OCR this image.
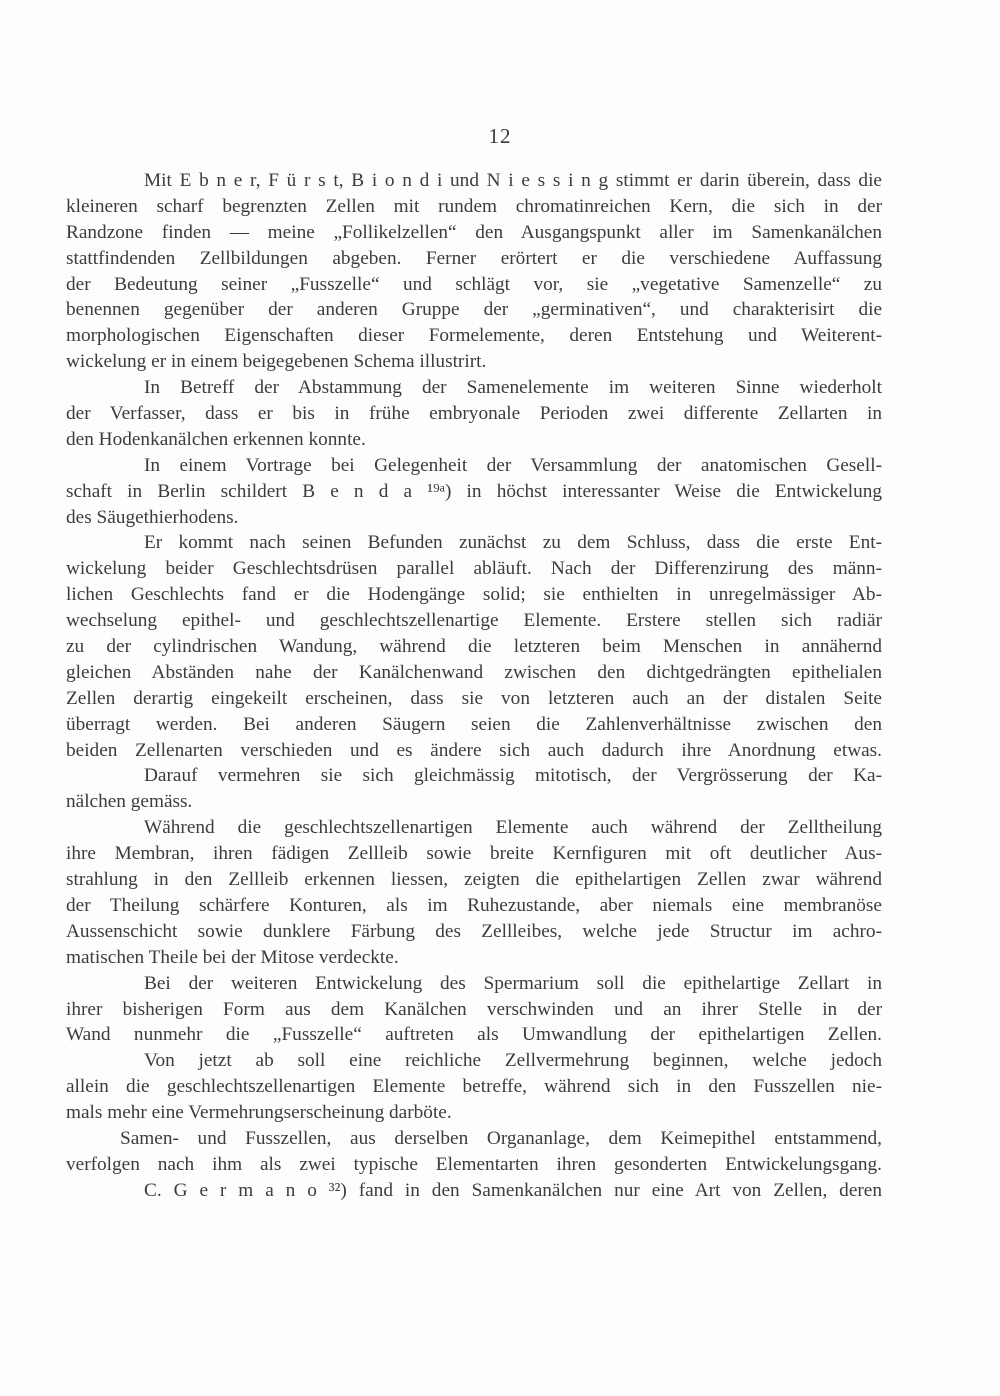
12
Mit E b n e r, F ü r s t, B i o n d i und N i e s s i n g stimmt er darin überein, dass die
kleineren scharf begrenzten Zellen mit rundem chromatinreichen Kern, die sich in der
Randzone finden — meine „Follikelzellen“ den Ausgangspunkt aller im Samenkanälchen
stattfindenden Zellbildungen abgeben. Ferner erörtert er die verschiedene Auffassung
der Bedeutung seiner „Fusszelle“ und schlägt vor, sie „vegetative Samenzelle“ zu
benennen gegenüber der anderen Gruppe der „germinativen“, und charakterisirt die
morphologischen Eigenschaften dieser Formelemente, deren Entstehung und Weiterent-
wickelung er in einem beigegebenen Schema illustrirt.
In Betreff der Abstammung der Samenelemente im weiteren Sinne wiederholt
der Verfasser, dass er bis in frühe embryonale Perioden zwei differente Zellarten in
den Hodenkanälchen erkennen konnte.
In einem Vortrage bei Gelegenheit der Versammlung der anatomischen Gesell-
schaft in Berlin schildert B e n d a ¹⁹ᵃ) in höchst interessanter Weise die Entwickelung
des Säugethierhodens.
Er kommt nach seinen Befunden zunächst zu dem Schluss, dass die erste Ent-
wickelung beider Geschlechtsdrüsen parallel abläuft. Nach der Differenzirung des männ-
lichen Geschlechts fand er die Hodengänge solid; sie enthielten in unregelmässiger Ab-
wechselung epithel- und geschlechtszellenartige Elemente. Erstere stellen sich radiär
zu der cylindrischen Wandung, während die letzteren beim Menschen in annähernd
gleichen Abständen nahe der Kanälchenwand zwischen den dichtgedrängten epithelialen
Zellen derartig eingekeilt erscheinen, dass sie von letzteren auch an der distalen Seite
überragt werden. Bei anderen Säugern seien die Zahlenverhältnisse zwischen den
beiden Zellenarten verschieden und es ändere sich auch dadurch ihre Anordnung etwas.
Darauf vermehren sie sich gleichmässig mitotisch, der Vergrösserung der Ka-
nälchen gemäss.
Während die geschlechtszellenartigen Elemente auch während der Zelltheilung
ihre Membran, ihren fädigen Zellleib sowie breite Kernfiguren mit oft deutlicher Aus-
strahlung in den Zellleib erkennen liessen, zeigten die epithelartigen Zellen zwar während
der Theilung schärfere Konturen, als im Ruhezustande, aber niemals eine membranöse
Aussenschicht sowie dunklere Färbung des Zellleibes, welche jede Structur im achro-
matischen Theile bei der Mitose verdeckte.
Bei der weiteren Entwickelung des Spermarium soll die epithelartige Zellart in
ihrer bisherigen Form aus dem Kanälchen verschwinden und an ihrer Stelle in der
Wand nunmehr die „Fusszelle“ auftreten als Umwandlung der epithelartigen Zellen.
Von jetzt ab soll eine reichliche Zellvermehrung beginnen, welche jedoch
allein die geschlechtszellenartigen Elemente betreffe, während sich in den Fusszellen nie-
mals mehr eine Vermehrungserscheinung darböte.
Samen- und Fusszellen, aus derselben Organanlage, dem Keimepithel entstammend,
verfolgen nach ihm als zwei typische Elementarten ihren gesonderten Entwickelungsgang.
C. G e r m a n o ³²) fand in den Samenkanälchen nur eine Art von Zellen, deren
